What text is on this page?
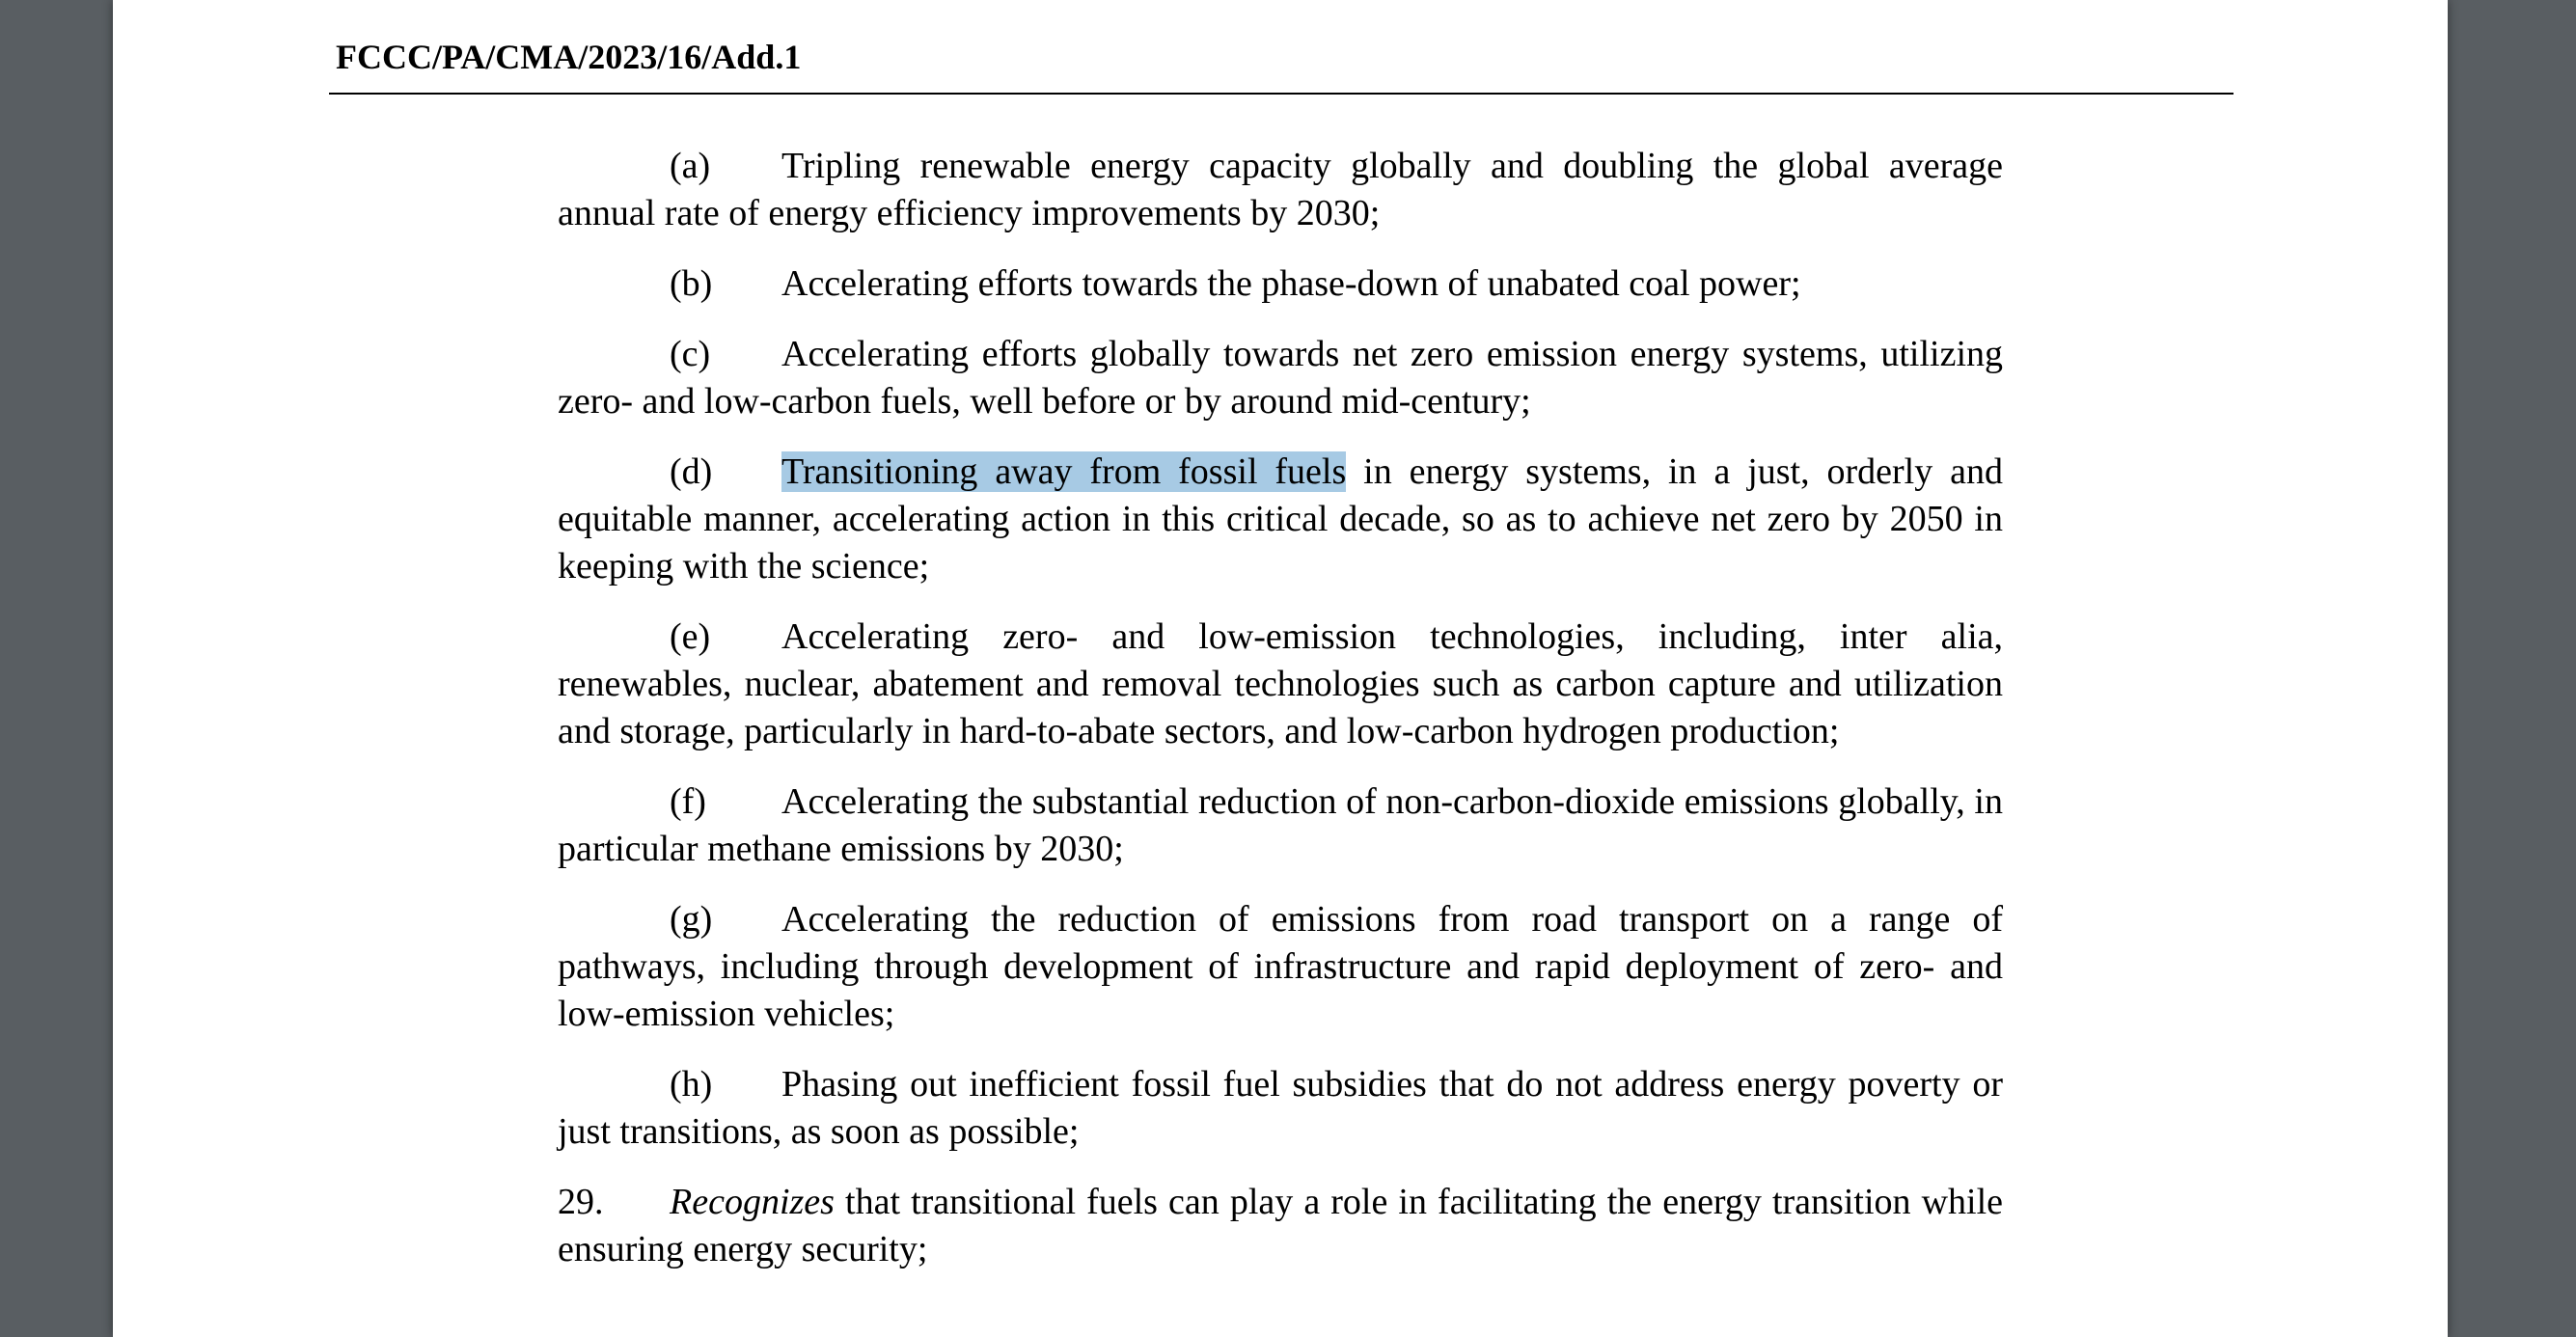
FCCC/PA/CMA/2023/16/Add.1

(a) Tripling renewable energy capacity globally and doubling the global average annual rate of energy efficiency improvements by 2030;

(b) Accelerating efforts towards the phase-down of unabated coal power;

(c) Accelerating efforts globally towards net zero emission energy systems, utilizing zero- and low-carbon fuels, well before or by around mid-century;

(d) Transitioning away from fossil fuels in energy systems, in a just, orderly and equitable manner, accelerating action in this critical decade, so as to achieve net zero by 2050 in keeping with the science;

(e) Accelerating zero- and low-emission technologies, including, inter alia, renewables, nuclear, abatement and removal technologies such as carbon capture and utilization and storage, particularly in hard-to-abate sectors, and low-carbon hydrogen production;

(f) Accelerating the substantial reduction of non-carbon-dioxide emissions globally, in particular methane emissions by 2030;

(g) Accelerating the reduction of emissions from road transport on a range of pathways, including through development of infrastructure and rapid deployment of zero- and low-emission vehicles;

(h) Phasing out inefficient fossil fuel subsidies that do not address energy poverty or just transitions, as soon as possible;

29. Recognizes that transitional fuels can play a role in facilitating the energy transition while ensuring energy security;
